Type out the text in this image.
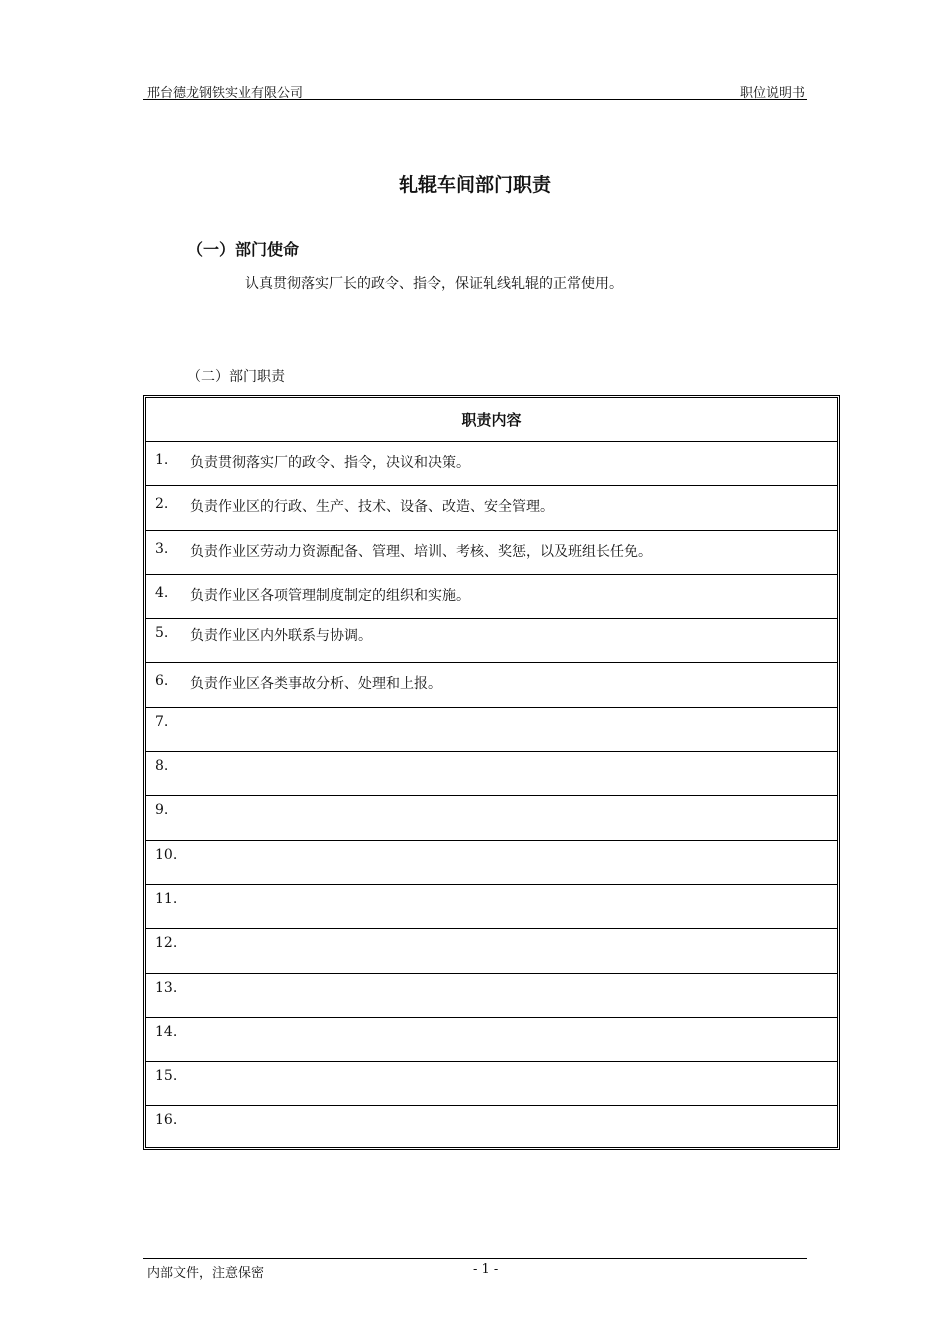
邢台德龙钢铁实业有限公司	职位说明书
轧辊车间部门职责
（一）部门使命
认真贯彻落实厂长的政令、指令，保证轧线轧辊的正常使用。
（二）部门职责
职责内容
1. 负责贯彻落实厂的政令、指令，决议和决策。
2. 负责作业区的行政、生产、技术、设备、改造、安全管理。
3. 负责作业区劳动力资源配备、管理、培训、考核、奖惩，以及班组长任免。
4. 负责作业区各项管理制度制定的组织和实施。
5. 负责作业区内外联系与协调。
6. 负责作业区各类事故分析、处理和上报。
7.
8.
9.
10.
11.
12.
13.
14.
15.
16.
内部文件，注意保密	- 1 -
